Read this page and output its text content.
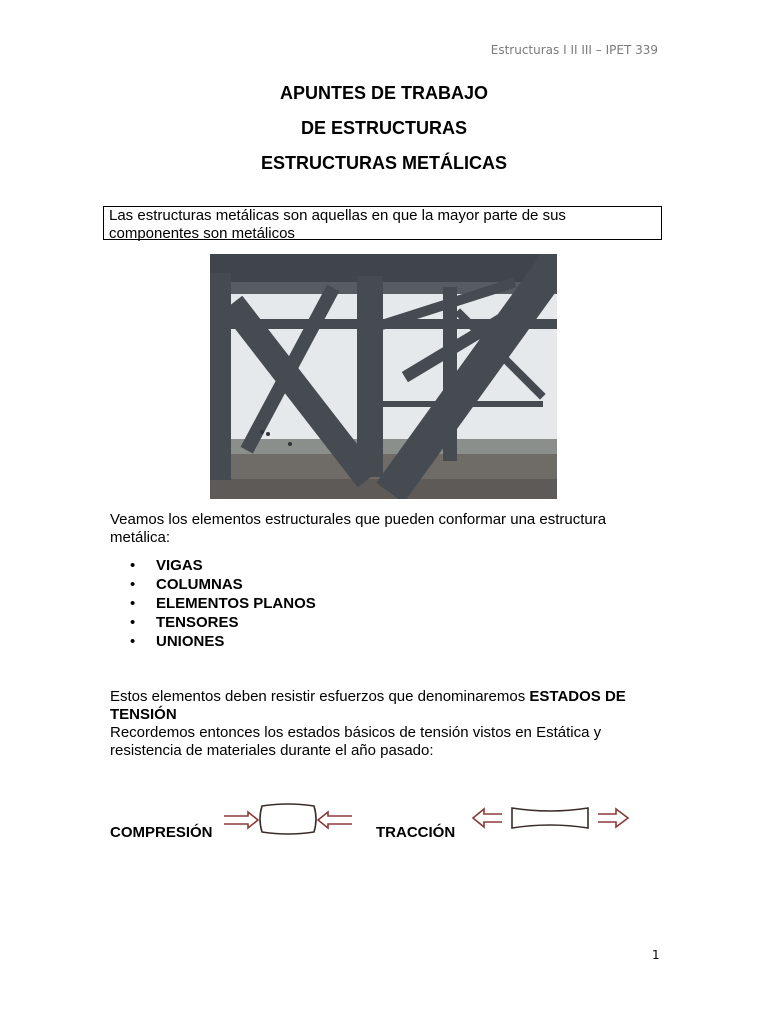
Estructuras I II III – IPET 339
APUNTES DE TRABAJO
DE ESTRUCTURAS
ESTRUCTURAS METÁLICAS
Las estructuras metálicas son aquellas en que la mayor parte de sus
componentes son metálicos
Veamos los elementos estructurales que pueden conformar una estructura
metálica:
• VIGAS
• COLUMNAS
• ELEMENTOS PLANOS
• TENSORES
• UNIONES
Estos elementos deben resistir esfuerzos que denominaremos ESTADOS DE
TENSIÓN
Recordemos entonces los estados básicos de tensión vistos en Estática y
resistencia de materiales durante el año pasado:
COMPRESIÓN	TRACCIÓN
1
